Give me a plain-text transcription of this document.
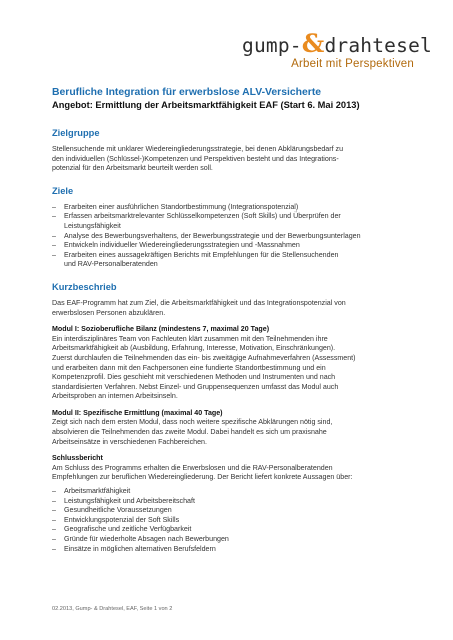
gump-&drahtesel
Arbeit mit Perspektiven
Berufliche Integration für erwerbslose ALV-Versicherte
Angebot: Ermittlung der Arbeitsmarktfähigkeit EAF (Start 6. Mai 2013)
Zielgruppe

Stellensuchende mit unklarer Wiedereingliederungsstrategie, bei denen Abklärungsbedarf zu
den individuellen (Schlüssel-)Kompetenzen und Perspektiven besteht und das Integrations-
potenzial für den Arbeitsmarkt beurteilt werden soll.

Ziele
– Erarbeiten einer ausführlichen Standortbestimmung (Integrationspotenzial)
– Erfassen arbeitsmarktrelevanter Schlüsselkompetenzen (Soft Skills) und Überprüfen der
Leistungsfähigkeit
– Analyse des Bewerbungsverhaltens, der Bewerbungsstrategie und der Bewerbungsunterlagen
– Entwickeln individueller Wiedereingliederungsstrategien und -Massnahmen
– Erarbeiten eines aussagekräftigen Berichts mit Empfehlungen für die Stellensuchenden
und RAV-Personalberatenden
Kurzbeschrieb

Das EAF-Programm hat zum Ziel, die Arbeitsmarktfähigkeit und das Integrationspotenzial von
erwerbslosen Personen abzuklären.

Modul I: Sozioberufliche Bilanz (mindestens 7, maximal 20 Tage)

Ein interdisziplinäres Team von Fachleuten klärt zusammen mit den Teilnehmenden ihre
Arbeitsmarktfähigkeit ab (Ausbildung, Erfahrung, Interesse, Motivation, Einschränkungen).
Zuerst durchlaufen die Teilnehmenden das ein- bis zweitägige Aufnahmeverfahren (Assessment)
und erarbeiten dann mit den Fachpersonen eine fundierte Standortbestimmung und ein
Kompetenzprofil. Dies geschieht mit verschiedenen Methoden und Instrumenten und nach
standardisierten Verfahren. Nebst Einzel- und Gruppensequenzen umfasst das Modul auch
Arbeitsproben an internen Arbeitsinseln.

Modul II: Spezifische Ermittlung (maximal 40 Tage)

Zeigt sich nach dem ersten Modul, dass noch weitere spezifische Abklärungen nötig sind,
absolvieren die Teilnehmenden das zweite Modul. Dabei handelt es sich um praxisnahe
Arbeitseinsätze in verschiedenen Fachbereichen.

Schlussbericht

Am Schluss des Programms erhalten die Erwerbslosen und die RAV-Personalberatenden
Empfehlungen zur beruflichen Wiedereingliederung. Der Bericht liefert konkrete Aussagen über:

– Arbeitsmarktfähigkeit
– Leistungsfähigkeit und Arbeitsbereitschaft
– Gesundheitliche Voraussetzungen
– Entwicklungspotenzial der Soft Skills
– Geografische und zeitliche Verfügbarkeit
– Gründe für wiederholte Absagen nach Bewerbungen
– Einsätze in möglichen alternativen Berufsfeldern
02.2013, Gump- & Drahtesel, EAF, Seite 1 von 2
